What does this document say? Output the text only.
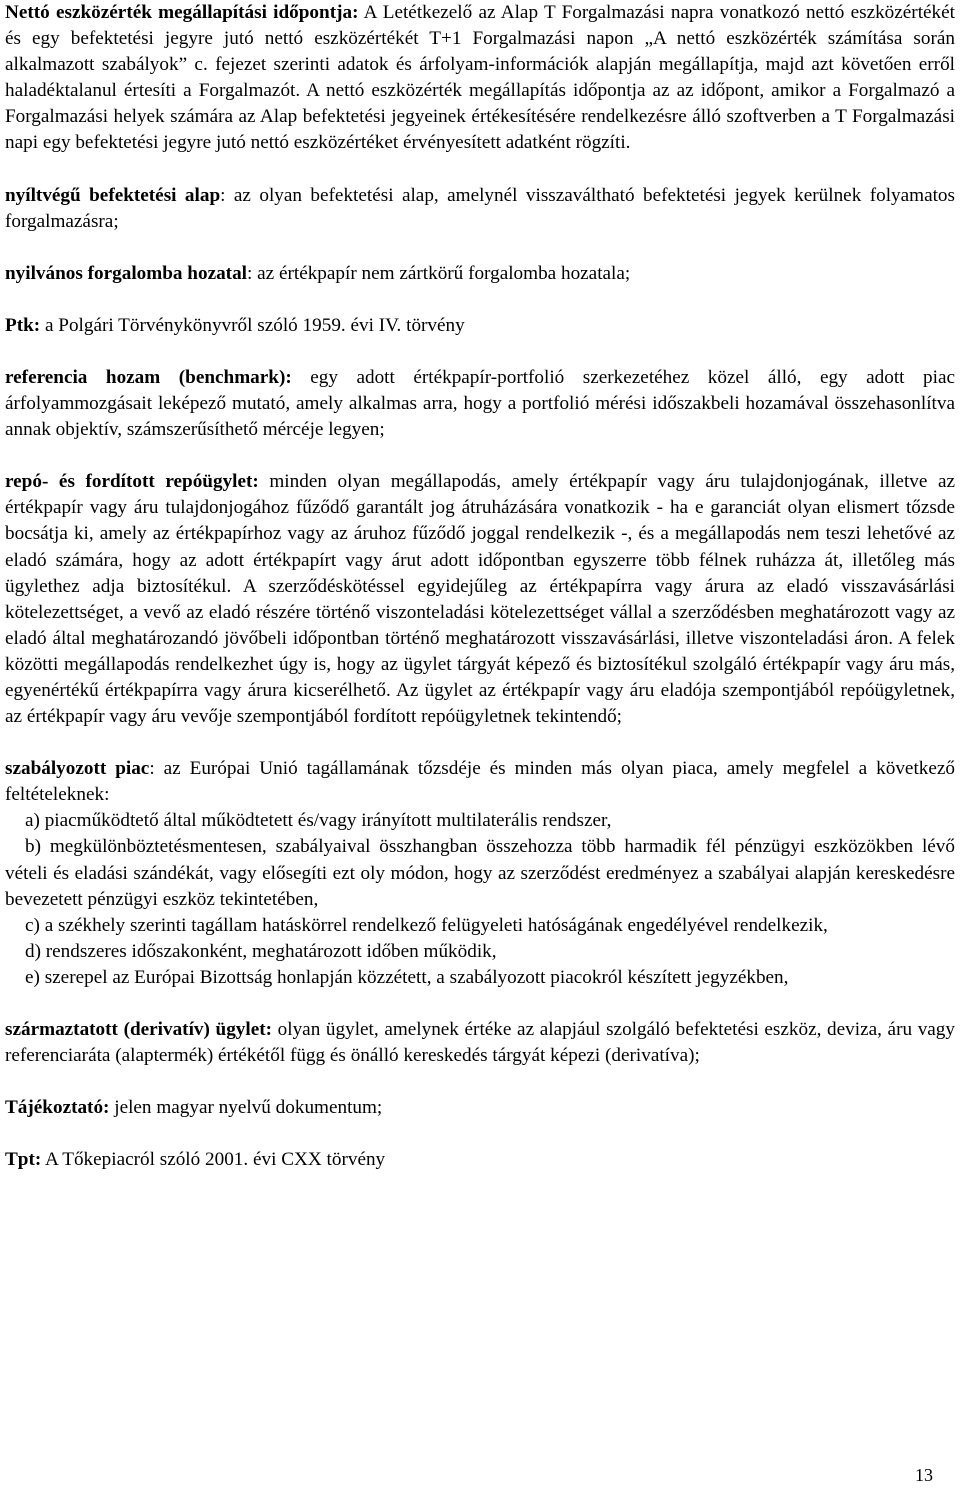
Nettó eszközérték megállapítási időpontja: A Letétkezelő az Alap T Forgalmazási napra vonatkozó nettó eszközértékét és egy befektetési jegyre jutó nettó eszközértékét T+1 Forgalmazási napon „A nettó eszközérték számítása során alkalmazott szabályok” c. fejezet szerinti adatok és árfolyam-információk alapján megállapítja, majd azt követően erről haladéktalanul értesíti a Forgalmazót. A nettó eszközérték megállapítás időpontja az az időpont, amikor a Forgalmazó a Forgalmazási helyek számára az Alap befektetési jegyeinek értékesítésére rendelkezésre álló szoftverben a T Forgalmazási napi egy befektetési jegyre jutó nettó eszközértéket érvényesített adatként rögzíti.

nyíltvégű befektetési alap: az olyan befektetési alap, amelynél visszaváltható befektetési jegyek kerülnek folyamatos forgalmazásra;

nyilvános forgalomba hozatal: az értékpapír nem zártkörű forgalomba hozatala;

Ptk: a Polgári Törvénykönyvről szóló 1959. évi IV. törvény

referencia hozam (benchmark): egy adott értékpapír-portfolió szerkezetéhez közel álló, egy adott piac árfolyammozgásait leképező mutató, amely alkalmas arra, hogy a portfolió mérési időszakbeli hozamával összehasonlítva annak objektív, számszerűsíthető mércéje legyen;

repó- és fordított repóügylet: minden olyan megállapodás, amely értékpapír vagy áru tulajdonjogának, illetve az értékpapír vagy áru tulajdonjogához fűződő garantált jog átruházására vonatkozik - ha e garanciát olyan elismert tőzsde bocsátja ki, amely az értékpapírhoz vagy az áruhoz fűződő joggal rendelkezik -, és a megállapodás nem teszi lehetővé az eladó számára, hogy az adott értékpapírt vagy árut adott időpontban egyszerre több félnek ruházza át, illetőleg más ügylethez adja biztosítékul. A szerződéskötéssel egyidejűleg az értékpapírra vagy árura az eladó visszavásárlási kötelezettséget, a vevő az eladó részére történő viszonteladási kötelezettséget vállal a szerződésben meghatározott vagy az eladó által meghatározandó jövőbeli időpontban történő meghatározott visszavásárlási, illetve viszonteladási áron. A felek közötti megállapodás rendelkezhet úgy is, hogy az ügylet tárgyát képező és biztosítékul szolgáló értékpapír vagy áru más, egyenértékű értékpapírra vagy árura kicserélhető. Az ügylet az értékpapír vagy áru eladója szempontjából repóügyletnek, az értékpapír vagy áru vevője szempontjából fordított repóügyletnek tekintendő;

szabályozott piac: az Európai Unió tagállamának tőzsdéje és minden más olyan piaca, amely megfelel a következő feltételeknek:

a) piacműködtető által működtetett és/vagy irányított multilaterális rendszer,

b) megkülönböztetésmentesen, szabályaival összhangban összehozza több harmadik fél pénzügyi eszközökben lévő vételi és eladási szándékát, vagy elősegíti ezt oly módon, hogy az szerződést eredményez a szabályai alapján kereskedésre bevezetett pénzügyi eszköz tekintetében,

c) a székhely szerinti tagállam hatáskörrel rendelkező felügyeleti hatóságának engedélyével rendelkezik,

d) rendszeres időszakonként, meghatározott időben működik,

e) szerepel az Európai Bizottság honlapján közzétett, a szabályozott piacokról készített jegyzékben,

származtatott (derivatív) ügylet: olyan ügylet, amelynek értéke az alapjául szolgáló befektetési eszköz, deviza, áru vagy referenciaráta (alaptermék) értékétől függ és önálló kereskedés tárgyát képezi (derivatíva);

Tájékoztató: jelen magyar nyelvű dokumentum;

Tpt: A Tőkepiacról szóló 2001. évi CXX törvény

13
